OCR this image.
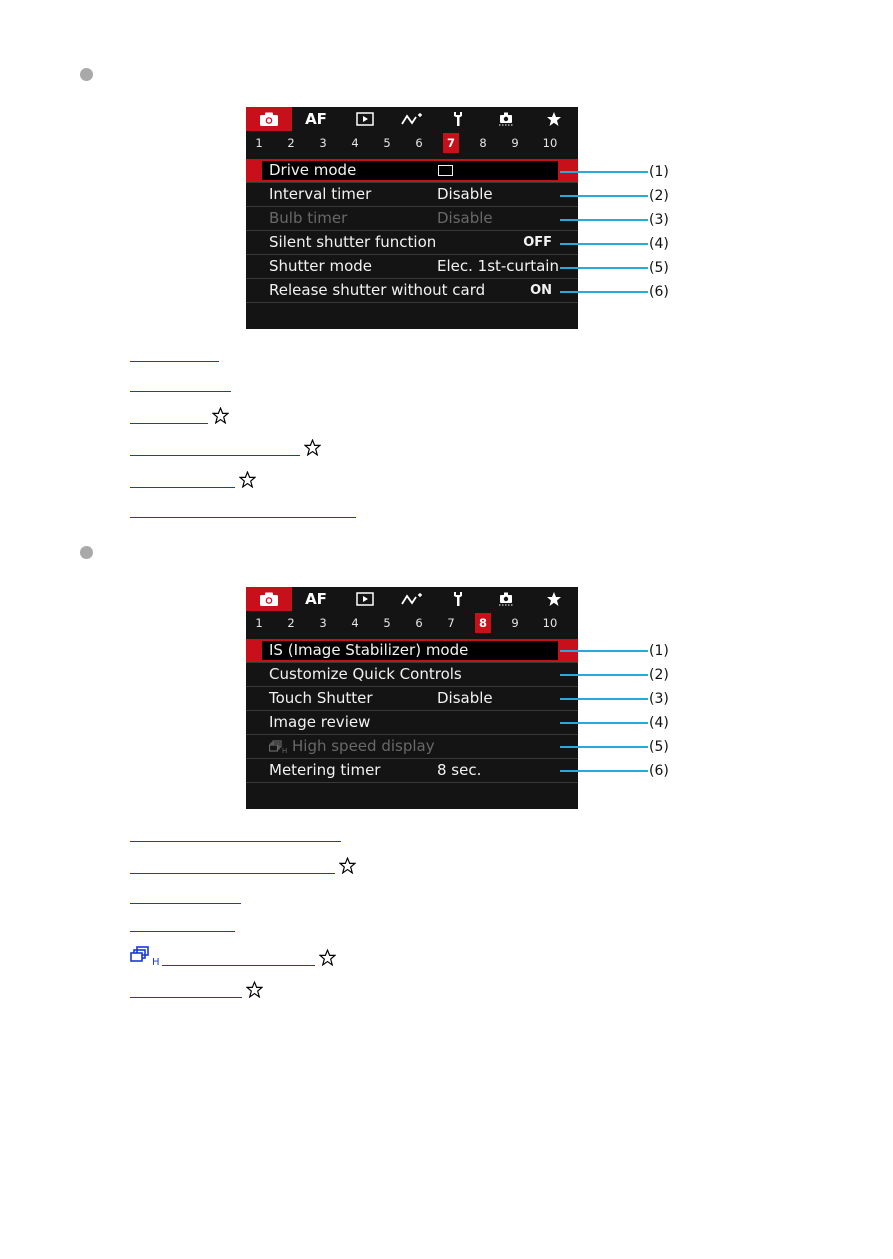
AF
1	2	3	4	5	6	7	8	9	10
Drive mode
Interval timer	Disable
Bulb timer	Disable
Silent shutter function	OFF
Shutter mode	Elec. 1st-curtain
Release shutter without card	ON
(1)
(2)
(3)
(4)
(5)
(6)
AF
1	2	3	4	5	6	7	8	9	10
IS (Image Stabilizer) mode
Customize Quick Controls
Touch Shutter	Disable
Image review
H High speed display
Metering timer	8 sec.
(1)
(2)
(3)
(4)
(5)
(6)
H
